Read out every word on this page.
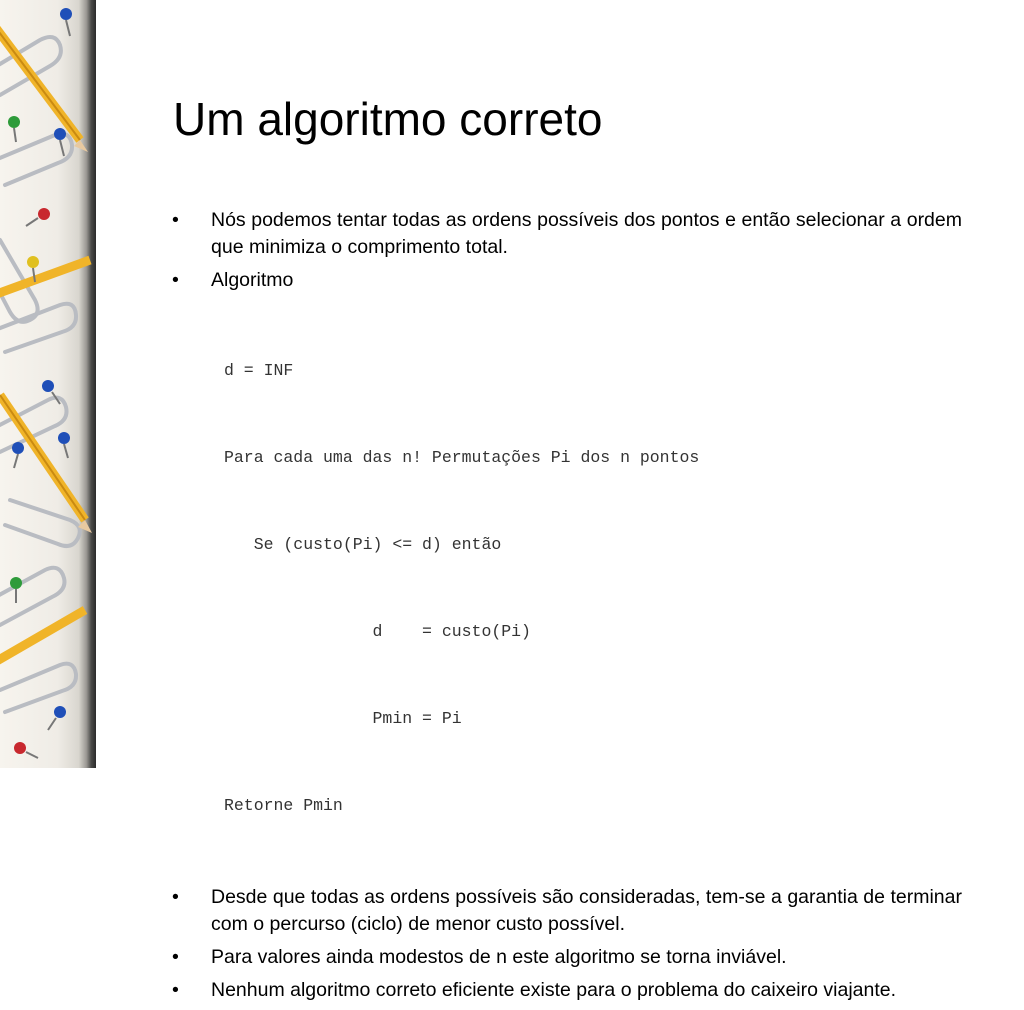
Um algoritmo correto
• Nós podemos tentar todas as ordens possíveis dos pontos e então selecionar a ordem que minimiza o comprimento total.
• Algoritmo

d = INF

Para cada uma das n! Permutações Pi dos n pontos

Se (custo(Pi) <= d) então

d    = custo(Pi)

Pmin = Pi

Retorne Pmin

• Desde que todas as ordens possíveis são consideradas, tem-se a garantia de terminar com o percurso (ciclo) de menor custo possível.
• Para valores ainda modestos de n este algoritmo se torna inviável.
• Nenhum algoritmo correto eficiente existe para o problema do caixeiro viajante.
